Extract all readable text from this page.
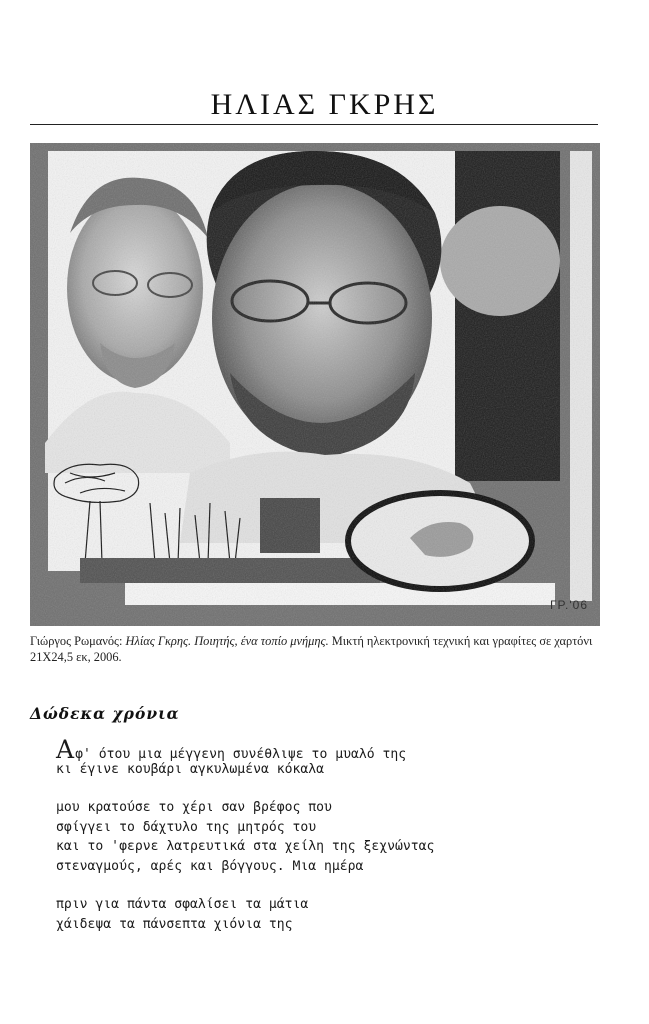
ΗΛΙΑΣ ΓΚΡΗΣ
ΓΡ.'06
Γιώργος Ρωμανός: Ηλίας Γκρης. Ποιητής, ένα τοπίο μνήμης. Μικτή ηλεκτρονική τεχνική και γραφίτες σε χαρτόνι 21Χ24,5 εκ, 2006.
Δώδεκα χρόνια
Αφ' ότου μια μέγγενη συνέθλιψε το μυαλό της
κι έγινε κουβάρι αγκυλωμένα κόκαλα
μου κρατούσε το χέρι σαν βρέφος που
σφίγγει το δάχτυλο της μητρός του
και το 'φερνε λατρευτικά στα χείλη της ξεχνώντας
στεναγμούς, αρές και βόγγους. Μια ημέρα
πριν για πάντα σφαλίσει τα μάτια
χάιδεψα τα πάνσεπτα χιόνια της
